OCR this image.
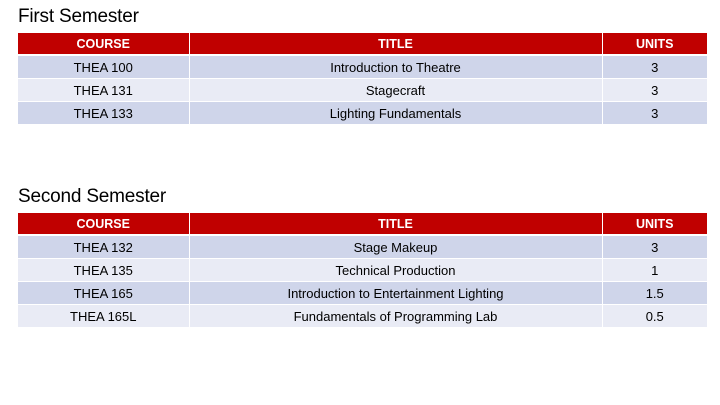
First Semester
COURSE	TITLE	UNITS
THEA 100	Introduction to Theatre	3
THEA 131	Stagecraft	3
THEA 133	Lighting Fundamentals	3
Second Semester
COURSE	TITLE	UNITS
THEA 132	Stage Makeup	3
THEA 135	Technical Production	1
THEA 165	Introduction to Entertainment Lighting	1.5
THEA 165L	Fundamentals of Programming Lab	0.5
